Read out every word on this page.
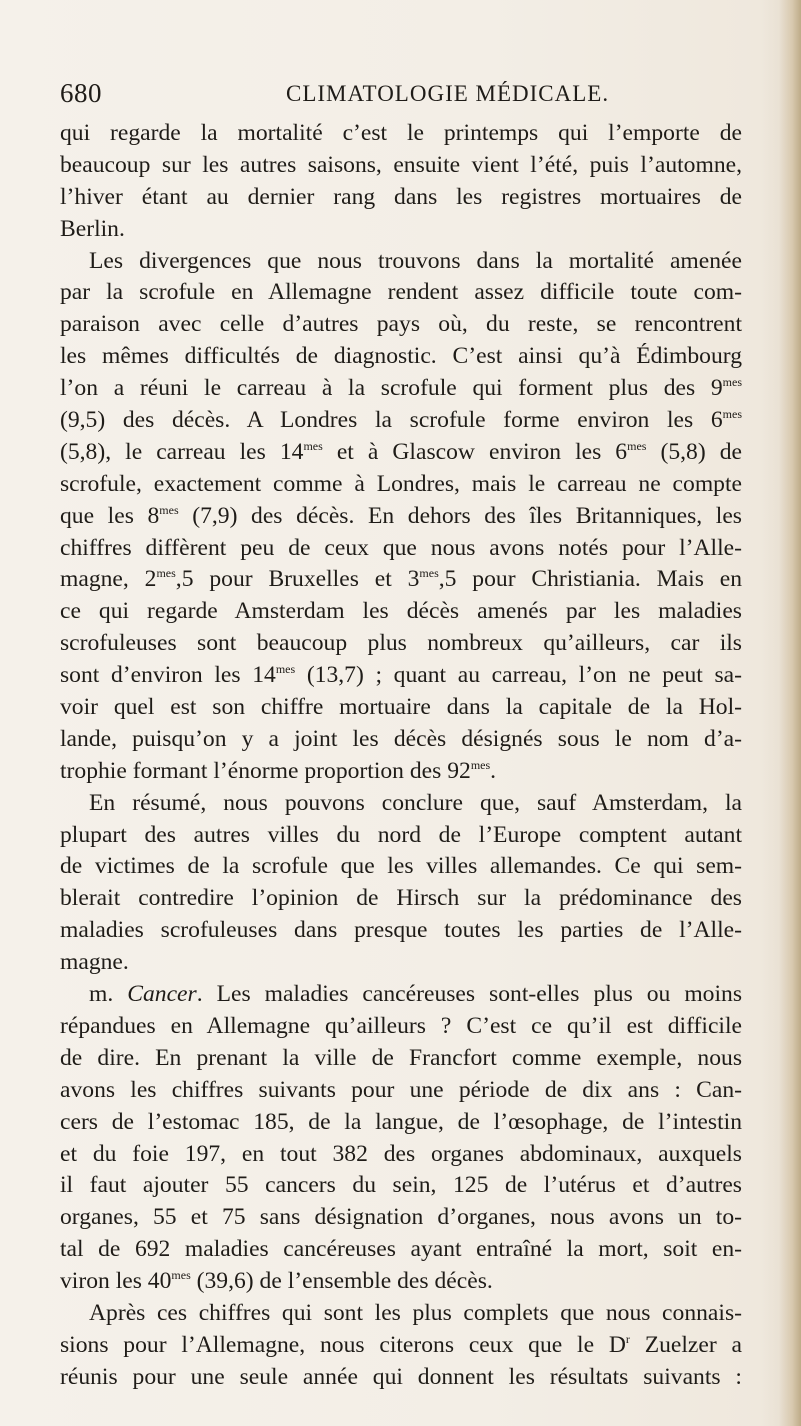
680	CLIMATOLOGIE MÉDICALE.
qui regarde la mortalité c’est le printemps qui l’emporte de
beaucoup sur les autres saisons, ensuite vient l’été, puis l’automne,
l’hiver étant au dernier rang dans les registres mortuaires de
Berlin.
Les divergences que nous trouvons dans la mortalité amenée
par la scrofule en Allemagne rendent assez difficile toute com-
paraison avec celle d’autres pays où, du reste, se rencontrent
les mêmes difficultés de diagnostic. C’est ainsi qu’à Édimbourg
l’on a réuni le carreau à la scrofule qui forment plus des $9^{mes}$
(9,5) des décès. A Londres la scrofule forme environ les $6^{mes}$
(5,8), le carreau les $14^{mes}$ et à Glascow environ les $6^{mes}$ (5,8) de
scrofule, exactement comme à Londres, mais le carreau ne compte
que les $8^{mes}$ (7,9) des décès. En dehors des îles Britanniques, les
chiffres diffèrent peu de ceux que nous avons notés pour l’Alle-
magne, $2^{mes},5$ pour Bruxelles et $3^{mes},5$ pour Christiania. Mais en
ce qui regarde Amsterdam les décès amenés par les maladies
scrofuleuses sont beaucoup plus nombreux qu’ailleurs, car ils
sont d’environ les $14^{mes}$ (13,7) ; quant au carreau, l’on ne peut sa-
voir quel est son chiffre mortuaire dans la capitale de la Hol-
lande, puisqu’on y a joint les décès désignés sous le nom d’a-
trophie formant l’énorme proportion des $92^{mes}$.
En résumé, nous pouvons conclure que, sauf Amsterdam, la
plupart des autres villes du nord de l’Europe comptent autant
de victimes de la scrofule que les villes allemandes. Ce qui sem-
blerait contredire l’opinion de Hirsch sur la prédominance des
maladies scrofuleuses dans presque toutes les parties de l’Alle-
magne.
m. Cancer. Les maladies cancéreuses sont-elles plus ou moins
répandues en Allemagne qu’ailleurs ? C’est ce qu’il est difficile
de dire. En prenant la ville de Francfort comme exemple, nous
avons les chiffres suivants pour une période de dix ans : Can-
cers de l’estomac 185, de la langue, de l’œsophage, de l’intestin
et du foie 197, en tout 382 des organes abdominaux, auxquels
il faut ajouter 55 cancers du sein, 125 de l’utérus et d’autres
organes, 55 et 75 sans désignation d’organes, nous avons un to-
tal de 692 maladies cancéreuses ayant entraîné la mort, soit en-
viron les $40^{mes}$ (39,6) de l’ensemble des décès.
Après ces chiffres qui sont les plus complets que nous connais-
sions pour l’Allemagne, nous citerons ceux que le $D^r$ Zuelzer a
réunis pour une seule année qui donnent les résultats suivants :
